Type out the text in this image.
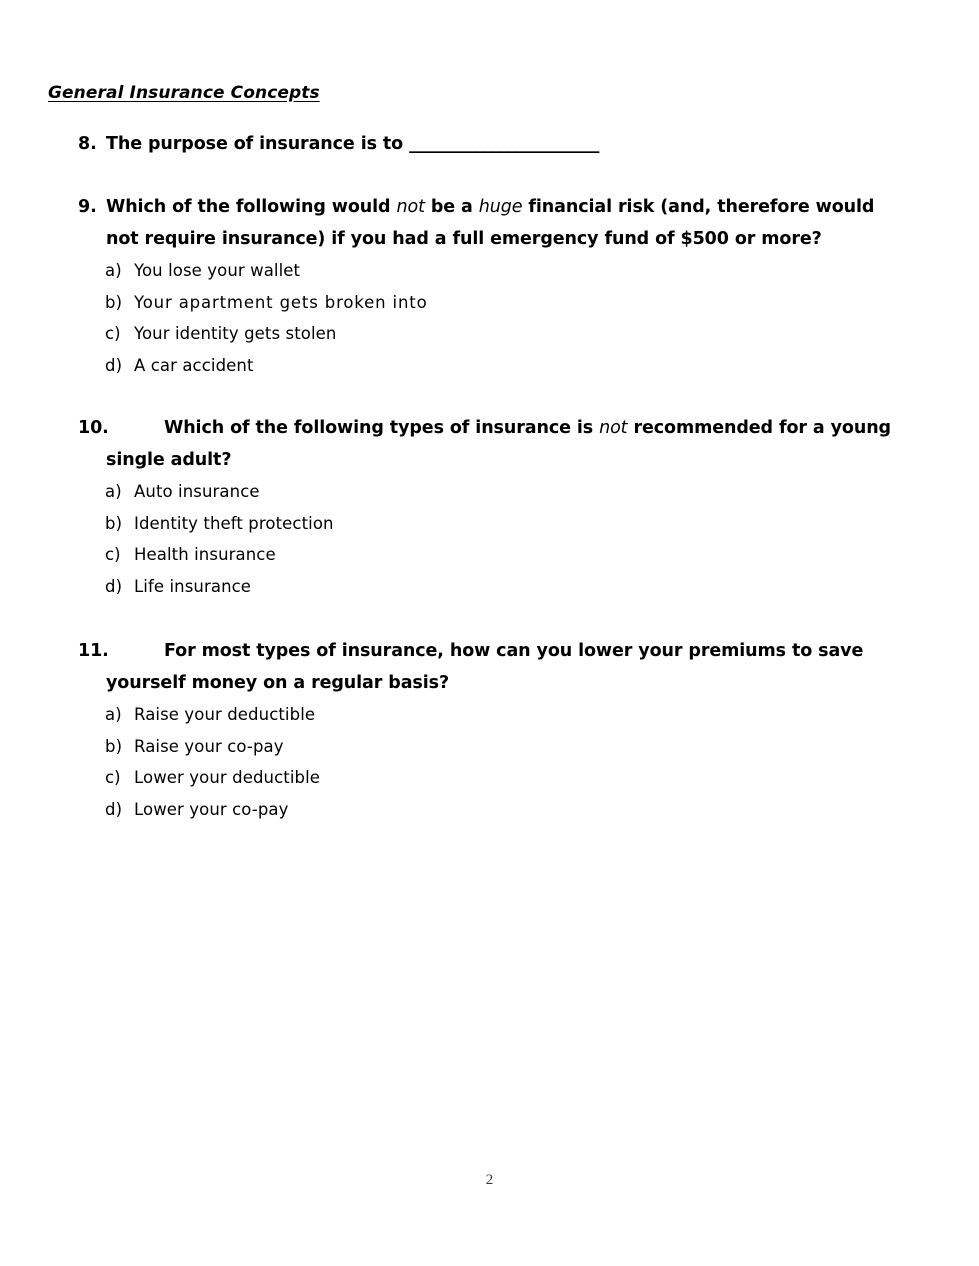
General Insurance Concepts
8. The purpose of insurance is to _______________________
9. Which of the following would not be a huge financial risk (and, therefore would
not require insurance) if you had a full emergency fund of $500 or more?
a) You lose your wallet
b) Your apartment gets broken into
c) Your identity gets stolen
d) A car accident
10.	Which of the following types of insurance is not recommended for a young
single adult?
a) Auto insurance
b) Identity theft protection
c) Health insurance
d) Life insurance
11.	For most types of insurance, how can you lower your premiums to save
yourself money on a regular basis?
a) Raise your deductible
b) Raise your co-pay
c) Lower your deductible
d) Lower your co-pay
2
